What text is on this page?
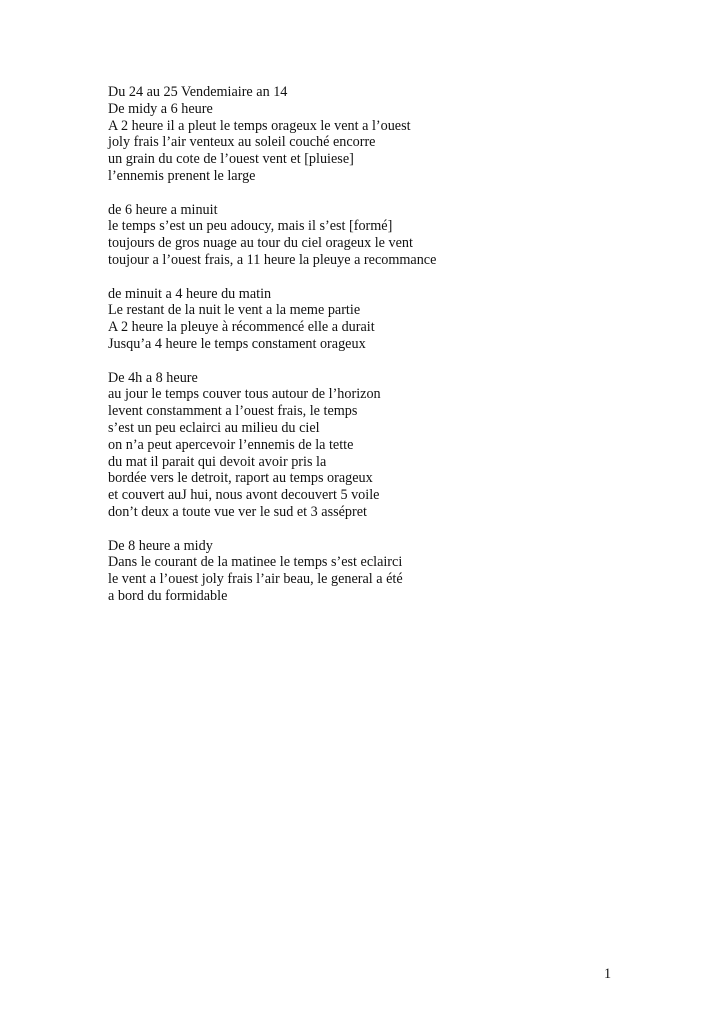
Du 24 au 25 Vendemiaire an 14
De midy a 6 heure
A 2 heure il a pleut le temps orageux le vent a l’ouest
joly frais l’air venteux au soleil couché encorre
un grain du cote de l’ouest vent et [pluiese]
l’ennemis prenent le large

de 6 heure a minuit
le temps s’est un peu adoucy, mais il s’est [formé]
toujours de gros nuage au tour du ciel orageux le vent
toujour a l’ouest frais, a 11 heure la pleuye a recommance

de minuit a 4 heure du matin
Le restant de la nuit le vent a la meme partie
A 2 heure la pleuye à récommencé elle a durait
Jusqu’a 4 heure le temps constament orageux

De 4h a 8 heure
au jour le temps couver tous autour de l’horizon
levent constamment a l’ouest frais, le temps
s’est un peu eclairci au milieu du ciel
on n’a peut apercevoir l’ennemis de la tette
du mat il parait qui devoit avoir pris la
bordée vers le detroit, raport au temps orageux
et couvert auJ hui, nous avont decouvert 5 voile
don’t deux a toute vue ver le sud et 3 asséрret

De 8 heure a midy
Dans le courant de la matinee le temps s’est eclairci
le vent a l’ouest joly frais l’air beau, le general a été
a bord du formidable

1
